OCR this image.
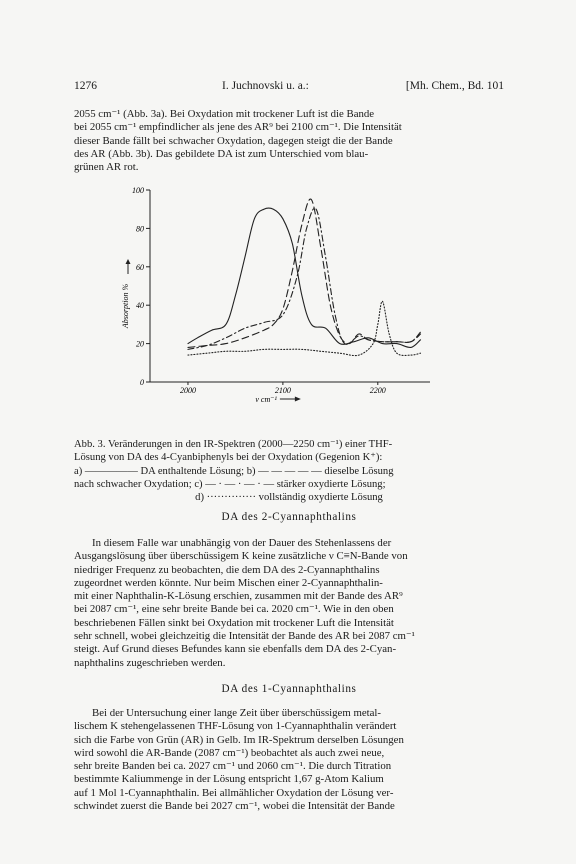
1276	I. Juchnovski u. a.:	[Mh. Chem., Bd. 101
2055 cm⁻¹ (Abb. 3a). Bei Oxydation mit trockener Luft ist die Bande
bei 2055 cm⁻¹ empfindlicher als jene des AR⁹ bei 2100 cm⁻¹. Die Intensität
dieser Bande fällt bei schwacher Oxydation, dagegen steigt die der Bande
des AR (Abb. 3b). Das gebildete DA ist zum Unterschied vom blau-
grünen AR rot.
100
80
60
40
20
0
2000	2100	2200
Absorption %
ν cm⁻¹
Abb. 3. Veränderungen in den IR-Spektren (2000—2250 cm⁻¹) einer THF-
Lösung von DA des 4-Cyanbiphenyls bei der Oxydation (Gegenion K⁺):
a) ————— DA enthaltende Lösung; b) — — — — — dieselbe Lösung
nach schwacher Oxydation; c) — · — · — · — stärker oxydierte Lösung;
d) ·············· vollständig oxydierte Lösung
DA des 2-Cyannaphthalins
In diesem Falle war unabhängig von der Dauer des Stehenlassens der
Ausgangslösung über überschüssigem K keine zusätzliche ν C≡N-Bande von
niedriger Frequenz zu beobachten, die dem DA des 2-Cyannaphthalins
zugeordnet werden könnte. Nur beim Mischen einer 2-Cyannaphthalin-
mit einer Naphthalin-K-Lösung erschien, zusammen mit der Bande des AR⁹
bei 2087 cm⁻¹, eine sehr breite Bande bei ca. 2020 cm⁻¹. Wie in den oben
beschriebenen Fällen sinkt bei Oxydation mit trockener Luft die Intensität
sehr schnell, wobei gleichzeitig die Intensität der Bande des AR bei 2087 cm⁻¹
steigt. Auf Grund dieses Befundes kann sie ebenfalls dem DA des 2-Cyan-
naphthalins zugeschrieben werden.
DA des 1-Cyannaphthalins
Bei der Untersuchung einer lange Zeit über überschüssigem metal-
lischem K stehengelassenen THF-Lösung von 1-Cyannaphthalin verändert
sich die Farbe von Grün (AR) in Gelb. Im IR-Spektrum derselben Lösungen
wird sowohl die AR-Bande (2087 cm⁻¹) beobachtet als auch zwei neue,
sehr breite Banden bei ca. 2027 cm⁻¹ und 2060 cm⁻¹. Die durch Titration
bestimmte Kaliummenge in der Lösung entspricht 1,67 g-Atom Kalium
auf 1 Mol 1-Cyannaphthalin. Bei allmählicher Oxydation der Lösung ver-
schwindet zuerst die Bande bei 2027 cm⁻¹, wobei die Intensität der Bande
